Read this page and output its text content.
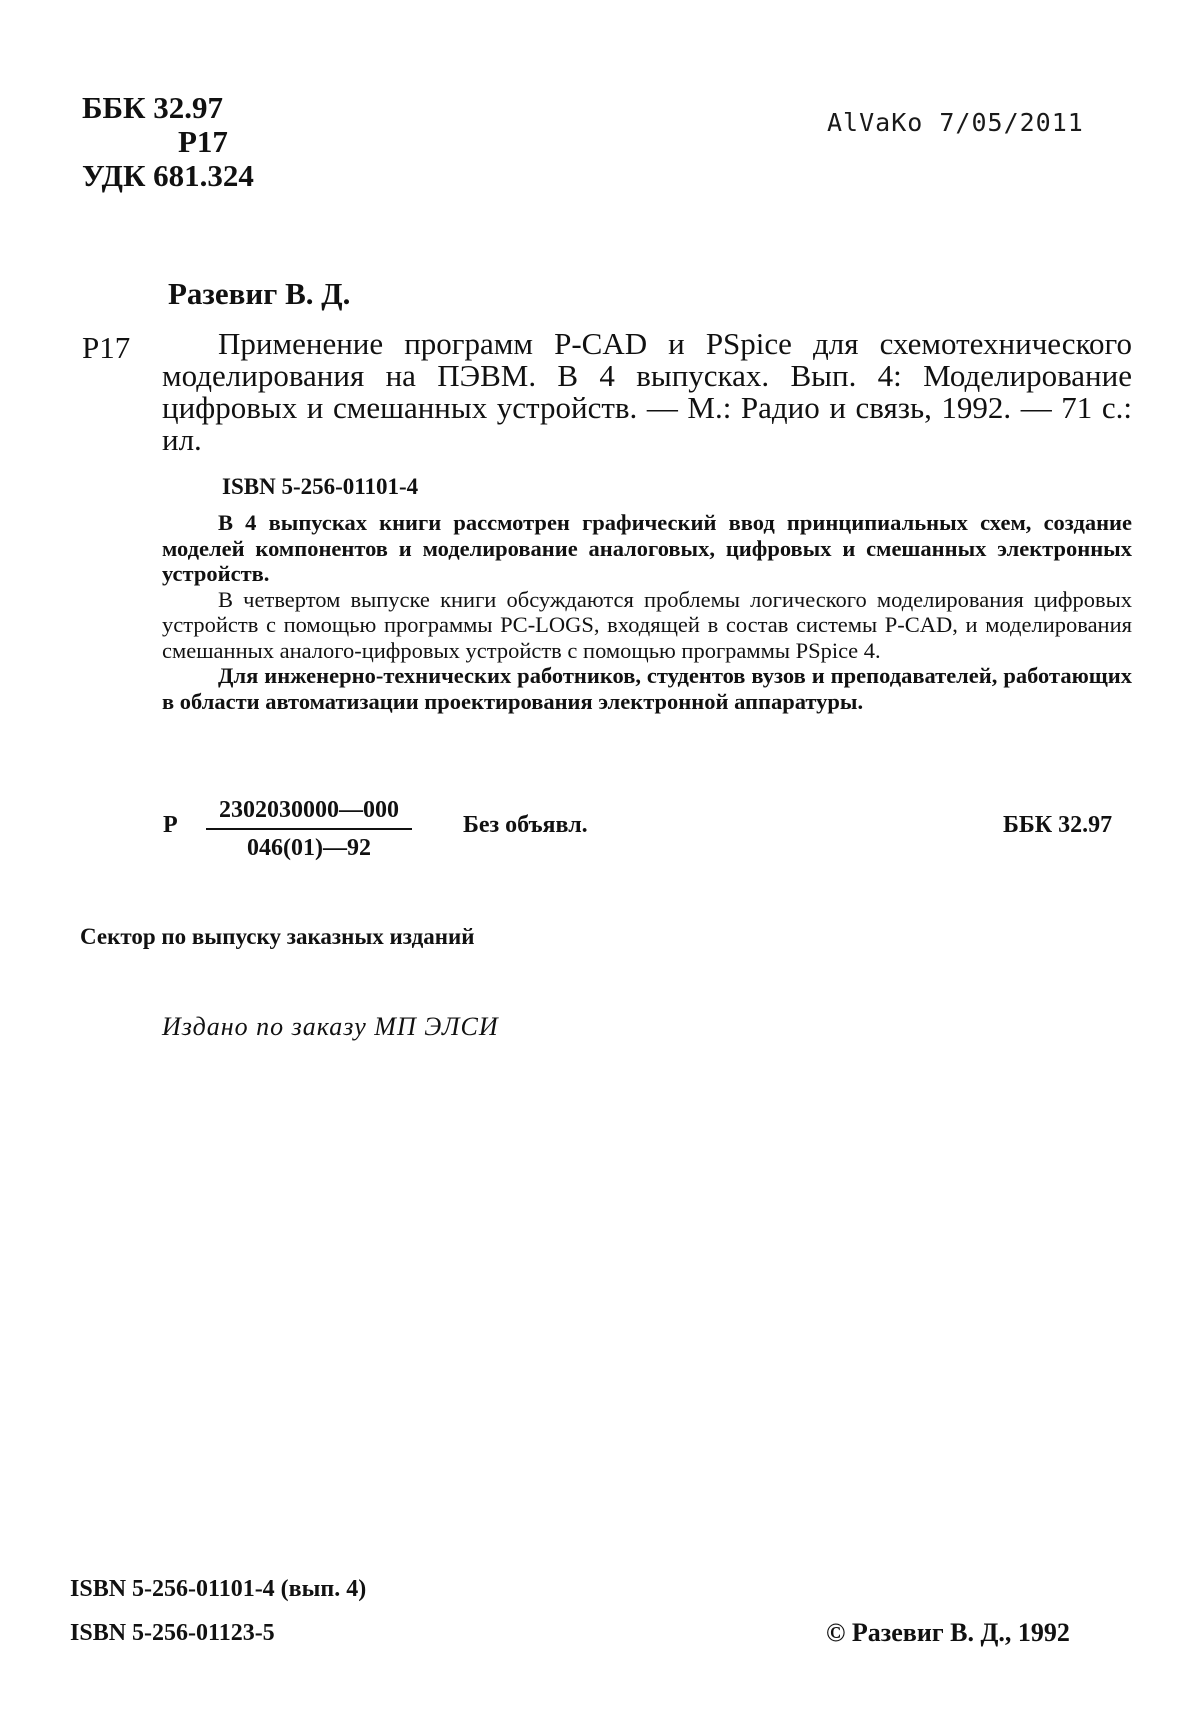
ББК 32.97
Р17
УДК 681.324
AlVaKo 7/05/2011
Разевиг В. Д.
Р17	Применение программ P-CAD и PSpice для схемотехнического моделирования на ПЭВМ. В 4 выпусках. Вып. 4: Моделирование цифровых и смешанных устройств. — М.: Радио и связь, 1992. — 71 с.: ил.
ISBN 5-256-01101-4

В 4 выпусках книги рассмотрен графический ввод принципиальных схем, создание моделей компонентов и моделирование аналоговых, цифровых и смешанных электронных устройств.

В четвертом выпуске книги обсуждаются проблемы логического моделирования цифровых устройств с помощью программы PC-LOGS, входящей в состав системы P-CAD, и моделирования смешанных аналого-цифровых устройств с помощью программы PSpice 4.

Для инженерно-технических работников, студентов вузов и преподавателей, работающих в области автоматизации проектирования электронной аппаратуры.

Р $\frac{2302030000—000}{046(01)—92}$ Без объявл.	ББК 32.97
Сектор по выпуску заказных изданий
Издано по заказу МП ЭЛСИ
ISBN 5-256-01101-4 (вып. 4)
ISBN 5-256-01123-5	© Разевиг В. Д., 1992
